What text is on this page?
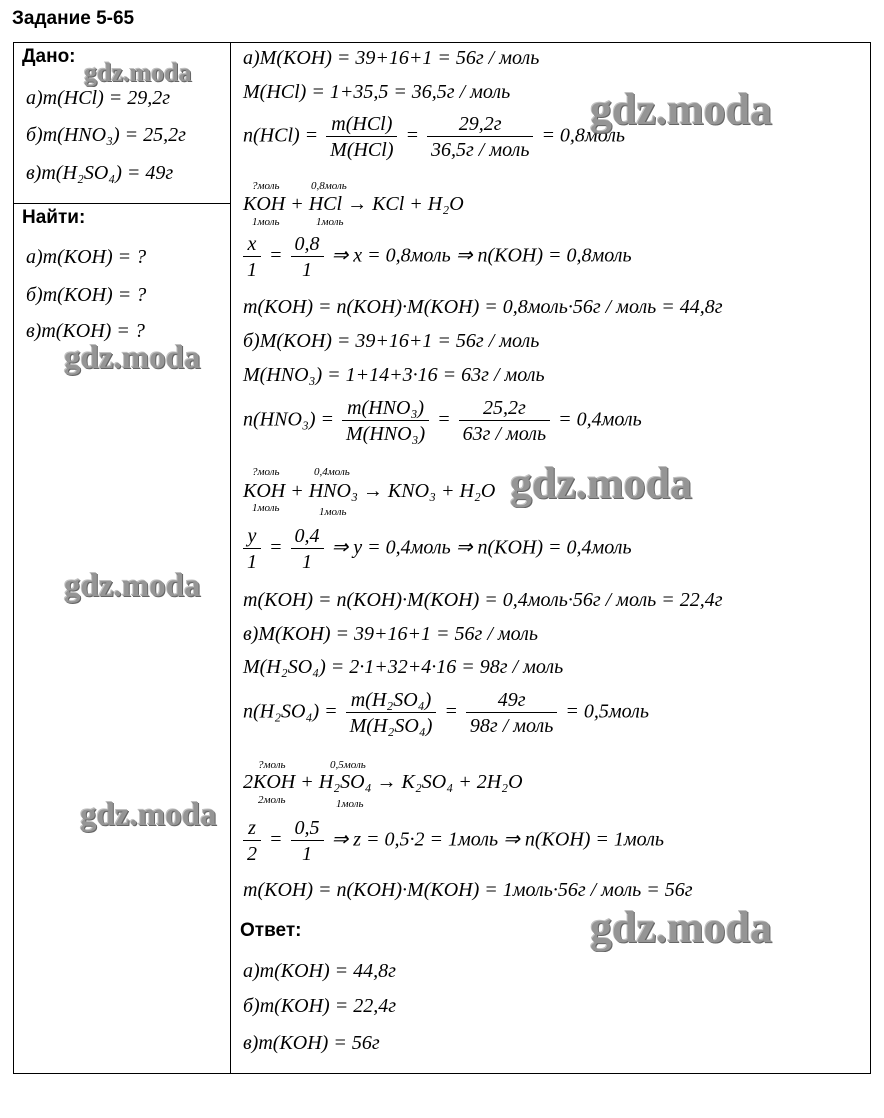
Задание 5-65
Дано:
а)m(HCl) = 29,2г
б)m(HNO₃) = 25,2г
в)m(H₂SO₄) = 49г
Найти:
а)m(KOH) = ?
б)m(KOH) = ?
в)m(KOH) = ?
а)M(KOH) = 39+16+1 = 56г / моль
M(HCl) = 1+35,5 = 36,5г / моль
n(HCl) =
m(HCl)
M(HCl)
=
29,2г
36,5г / моль
= 0,8моль
?моль	0,8моль
KOH + HCl → KCl + H₂O
1моль	1моль
$\frac{x}{1} = \frac{0,8}{1}$ ⇒ x = 0,8моль ⇒ n(KOH) = 0,8моль
m(KOH) = n(KOH)·M(KOH) = 0,8моль·56г / моль = 44,8г
б)M(KOH) = 39+16+1 = 56г / моль
M(HNO₃) = 1+14+3·16 = 63г / моль
n(HNO₃) =
m(HNO₃)
M(HNO₃)
=
25,2г
63г / моль
= 0,4моль
?моль	0,4моль
KOH + HNO₃ → KNO₃ + H₂O
1моль	1моль
$\frac{y}{1} = \frac{0,4}{1}$ ⇒ y = 0,4моль ⇒ n(KOH) = 0,4моль
m(KOH) = n(KOH)·M(KOH) = 0,4моль·56г / моль = 22,4г
в)M(KOH) = 39+16+1 = 56г / моль
M(H₂SO₄) = 2·1+32+4·16 = 98г / моль
$n(H_2SO_4) = \frac{\text{m(H₂SO₄)}}{\text{M(H₂SO₄)}}$ =
49г
98г / моль
= 0,5моль
?моль	0,5моль
2KOH + H₂SO₄ → K₂SO₄ + 2H₂O
2моль	1моль
$\frac{z}{2} = \frac{0,5}{1}$ ⇒ z = 0,5·2 = 1моль ⇒ n(KOH) = 1моль
m(KOH) = n(KOH)·M(KOH) = 1моль·56г / моль = 56г
Ответ:
а)m(KOH) = 44,8г
б)m(KOH) = 22,4г
в)m(KOH) = 56г
gdz.moda
gdz.moda
gdz.moda
gdz.moda
gdz.moda
gdz.moda
gdz.moda
